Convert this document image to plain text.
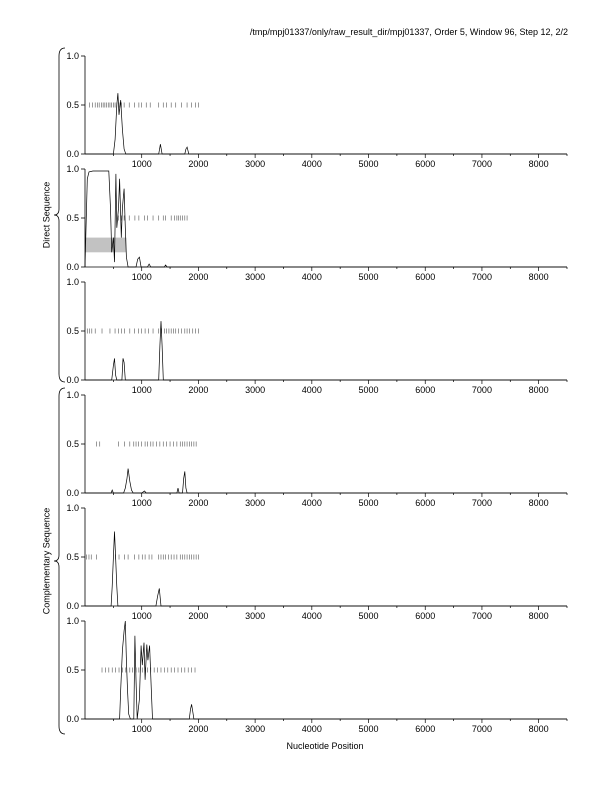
/tmp/mpj01337/only/raw_result_dir/mpj01337, Order 5, Window 96, Step 12, 2/2
0.0
0.5
1.0
1000	2000	3000	4000	5000	6000	7000	8000
0.0
0.5
1.0
1000	2000	3000	4000	5000	6000	7000	8000
0.0
0.5
1.0
1000	2000	3000	4000	5000	6000	7000	8000
0.0
0.5
1.0
1000	2000	3000	4000	5000	6000	7000	8000
0.0
0.5
1.0
1000	2000	3000	4000	5000	6000	7000	8000
0.0
0.5
1.0
1000	2000	3000	4000	5000	6000	7000	8000
Direct Sequence
Complementary Sequence
Nucleotide Position
